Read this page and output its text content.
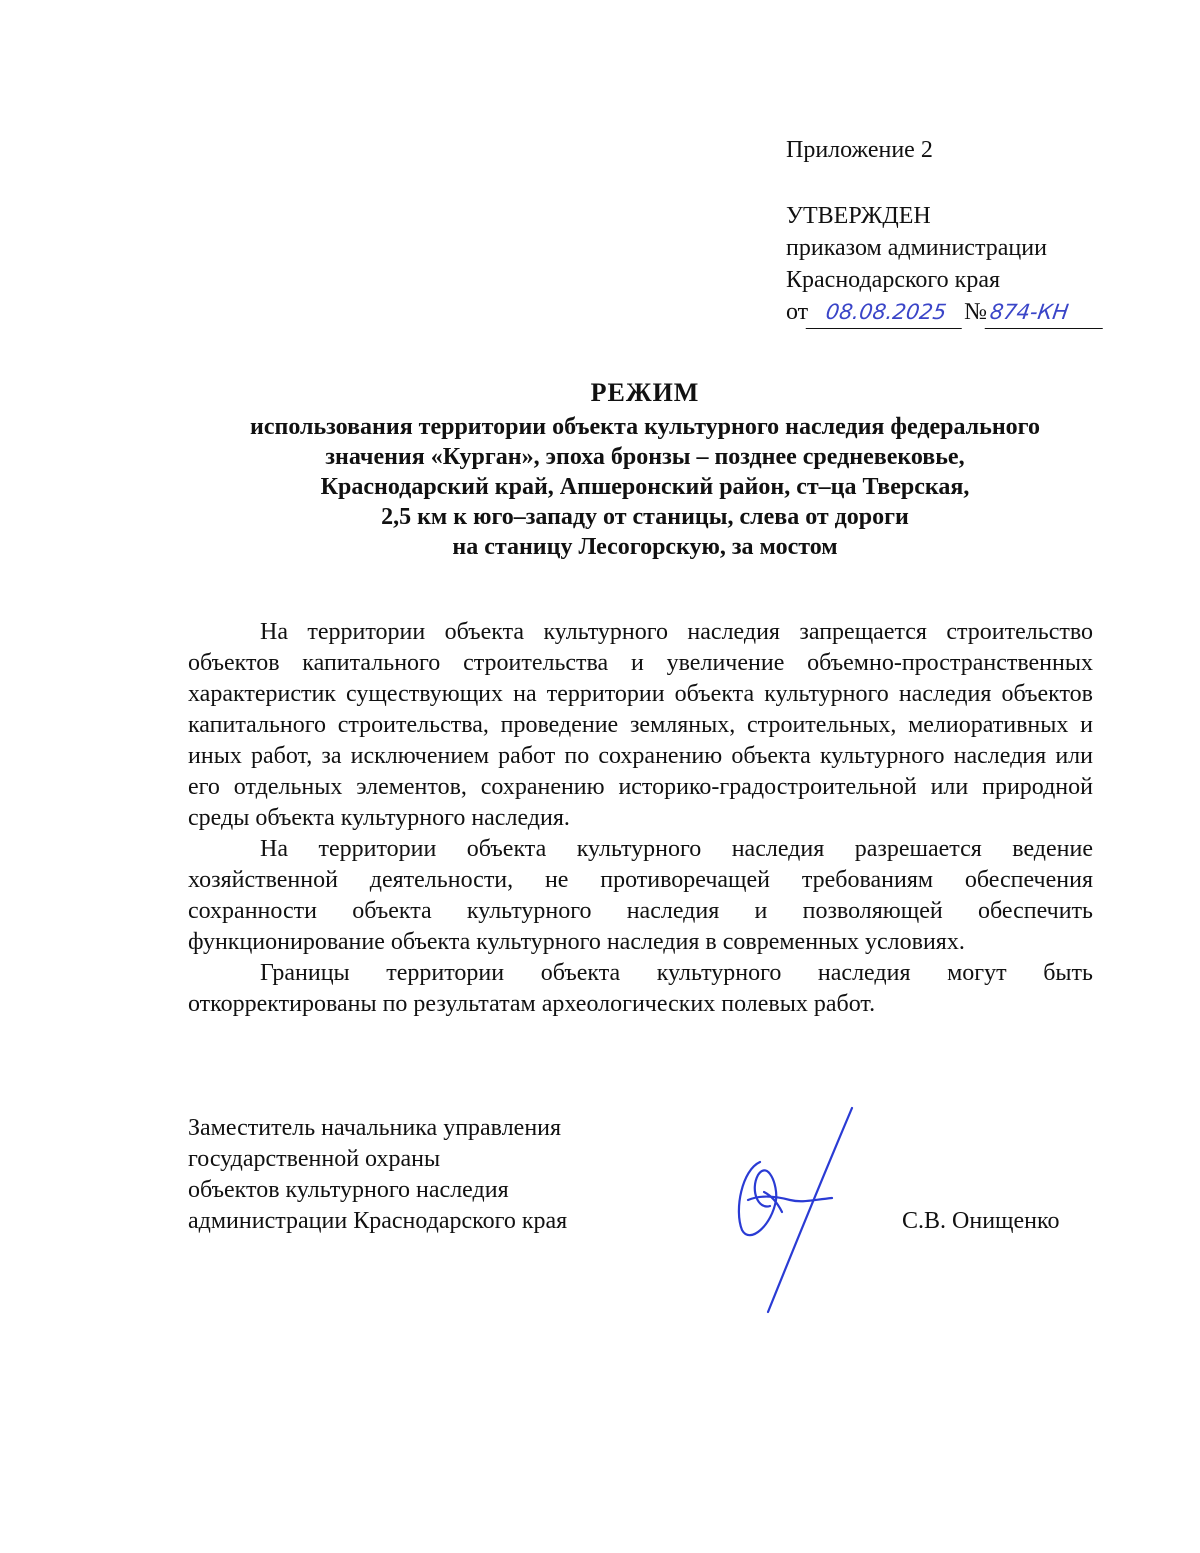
Приложение 2
УТВЕРЖДЕН
приказом администрации
Краснодарского края
от 08.08.2025 №874-КН
РЕЖИМ
использования территории объекта культурного наследия федерального
значения «Курган», эпоха бронзы – позднее средневековье,
Краснодарский край, Апшеронский район, ст–ца Тверская,
2,5 км к юго–западу от станицы, слева от дороги
на станицу Лесогорскую, за мостом

На территории объекта культурного наследия запрещается строительство объектов капитального строительства и увеличение объемно-пространственных характеристик существующих на территории объекта культурного наследия объектов капитального строительства, проведение земляных, строительных, мелиоративных и иных работ, за исключением работ по сохранению объекта культурного наследия или его отдельных элементов, сохранению историко-градостроительной или природной среды объекта культурного наследия.

На территории объекта культурного наследия разрешается ведение хозяйственной деятельности, не противоречащей требованиям обеспечения сохранности объекта культурного наследия и позволяющей обеспечить функционирование объекта культурного наследия в современных условиях.

Границы территории объекта культурного наследия могут быть откорректированы по результатам археологических полевых работ.

Заместитель начальника управления
государственной охраны
объектов культурного наследия
администрации Краснодарского края	С.В. Онищенко
